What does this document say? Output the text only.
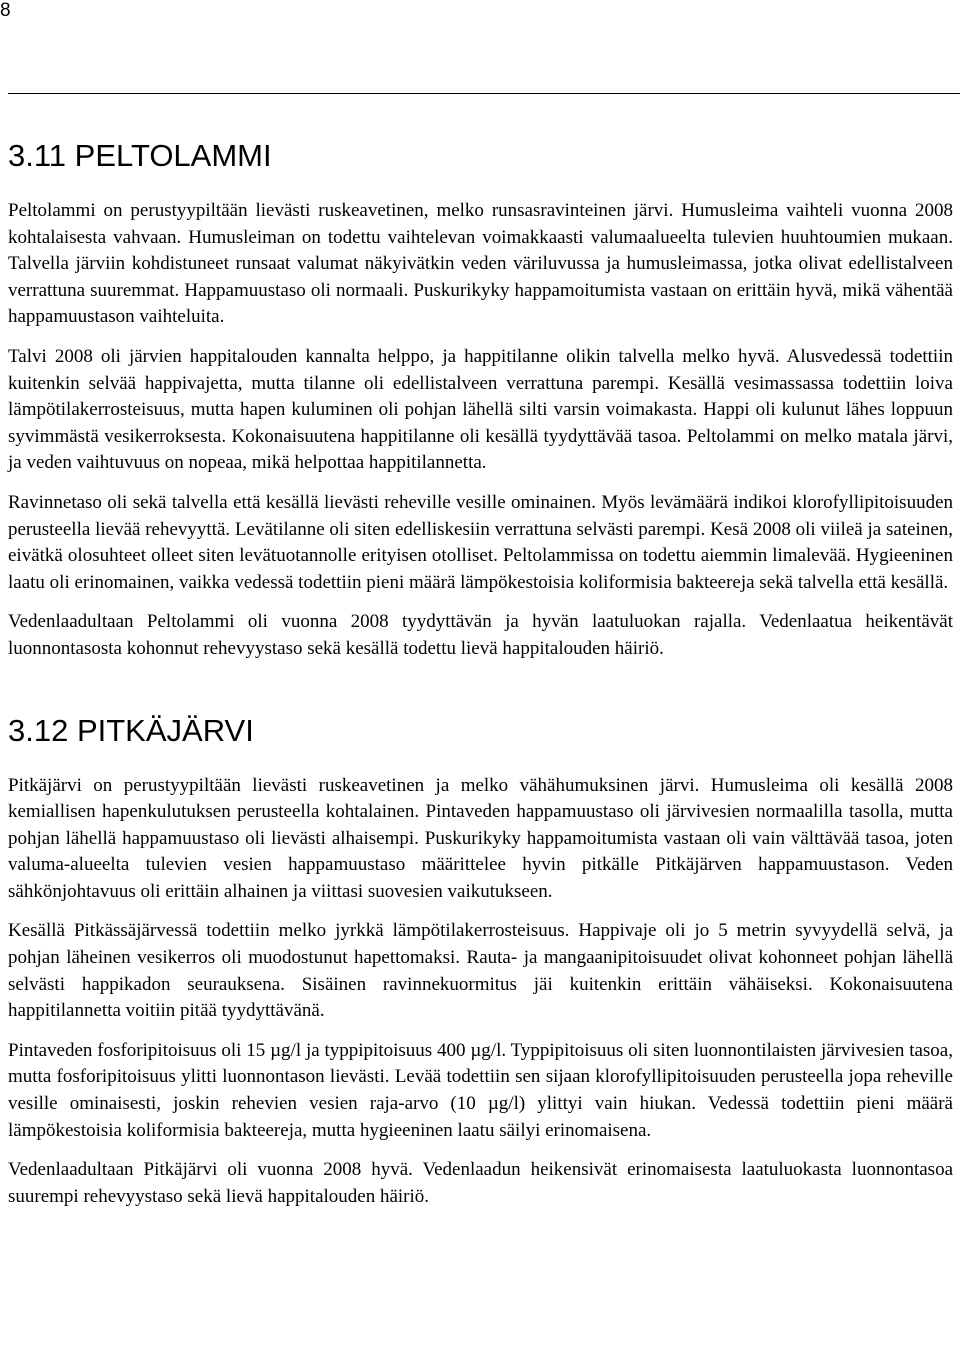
8
3.11 PELTOLAMMI

Peltolammi on perustyypiltään lievästi ruskeavetinen, melko runsasravinteinen järvi. Humusleima vaihteli vuonna 2008 kohtalaisesta vahvaan. Humusleiman on todettu vaihtelevan voimakkaasti valumaalueelta tulevien huuhtoumien mukaan. Talvella järviin kohdistuneet runsaat valumat näkyivätkin veden väriluvussa ja humusleimassa, jotka olivat edellistalveen verrattuna suuremmat. Happamuustaso oli normaali. Puskurikyky happamoitumista vastaan on erittäin hyvä, mikä vähentää happamuustason vaihteluita.

Talvi 2008 oli järvien happitalouden kannalta helppo, ja happitilanne olikin talvella melko hyvä. Alusvedessä todettiin kuitenkin selvää happivajetta, mutta tilanne oli edellistalveen verrattuna parempi. Kesällä vesimassassa todettiin loiva lämpötilakerrosteisuus, mutta hapen kuluminen oli pohjan lähellä silti varsin voimakasta. Happi oli kulunut lähes loppuun syvimmästä vesikerroksesta. Kokonaisuutena happitilanne oli kesällä tyydyttävää tasoa. Peltolammi on melko matala järvi, ja veden vaihtuvuus on nopeaa, mikä helpottaa happitilannetta.

Ravinnetaso oli sekä talvella että kesällä lievästi reheville vesille ominainen. Myös levämäärä indikoi klorofyllipitoisuuden perusteella lievää rehevyyttä. Levätilanne oli siten edelliskesiin verrattuna selvästi parempi. Kesä 2008 oli viileä ja sateinen, eivätkä olosuhteet olleet siten levätuotannolle erityisen otolliset. Peltolammissa on todettu aiemmin limalevää. Hygieeninen laatu oli erinomainen, vaikka vedessä todettiin pieni määrä lämpökestoisia koliformisia bakteereja sekä talvella että kesällä.

Vedenlaadultaan Peltolammi oli vuonna 2008 tyydyttävän ja hyvän laatuluokan rajalla. Vedenlaatua heikentävät luonnontasosta kohonnut rehevyystaso sekä kesällä todettu lievä happitalouden häiriö.

3.12 PITKÄJÄRVI

Pitkäjärvi on perustyypiltään lievästi ruskeavetinen ja melko vähähumuksinen järvi. Humusleima oli kesällä 2008 kemiallisen hapenkulutuksen perusteella kohtalainen. Pintaveden happamuustaso oli järvivesien normaalilla tasolla, mutta pohjan lähellä happamuustaso oli lievästi alhaisempi. Puskurikyky happamoitumista vastaan oli vain välttävää tasoa, joten valuma-alueelta tulevien vesien happamuustaso määrittelee hyvin pitkälle Pitkäjärven happamuustason. Veden sähkönjohtavuus oli erittäin alhainen ja viittasi suovesien vaikutukseen.

Kesällä Pitkässäjärvessä todettiin melko jyrkkä lämpötilakerrosteisuus. Happivaje oli jo 5 metrin syvyydellä selvä, ja pohjan läheinen vesikerros oli muodostunut hapettomaksi. Rauta- ja mangaanipitoisuudet olivat kohonneet pohjan lähellä selvästi happikadon seurauksena. Sisäinen ravinnekuormitus jäi kuitenkin erittäin vähäiseksi. Kokonaisuutena happitilannetta voitiin pitää tyydyttävänä.

Pintaveden fosforipitoisuus oli 15 µg/l ja typpipitoisuus 400 µg/l. Typpipitoisuus oli siten luonnontilaisten järvivesien tasoa, mutta fosforipitoisuus ylitti luonnontason lievästi. Levää todettiin sen sijaan klorofyllipitoisuuden perusteella jopa reheville vesille ominaisesti, joskin rehevien vesien raja-arvo (10 µg/l) ylittyi vain hiukan. Vedessä todettiin pieni määrä lämpökestoisia koliformisia bakteereja, mutta hygieeninen laatu säilyi erinomaisena.

Vedenlaadultaan Pitkäjärvi oli vuonna 2008 hyvä. Vedenlaadun heikensivät erinomaisesta laatuluokasta luonnontasoa suurempi rehevyystaso sekä lievä happitalouden häiriö.
